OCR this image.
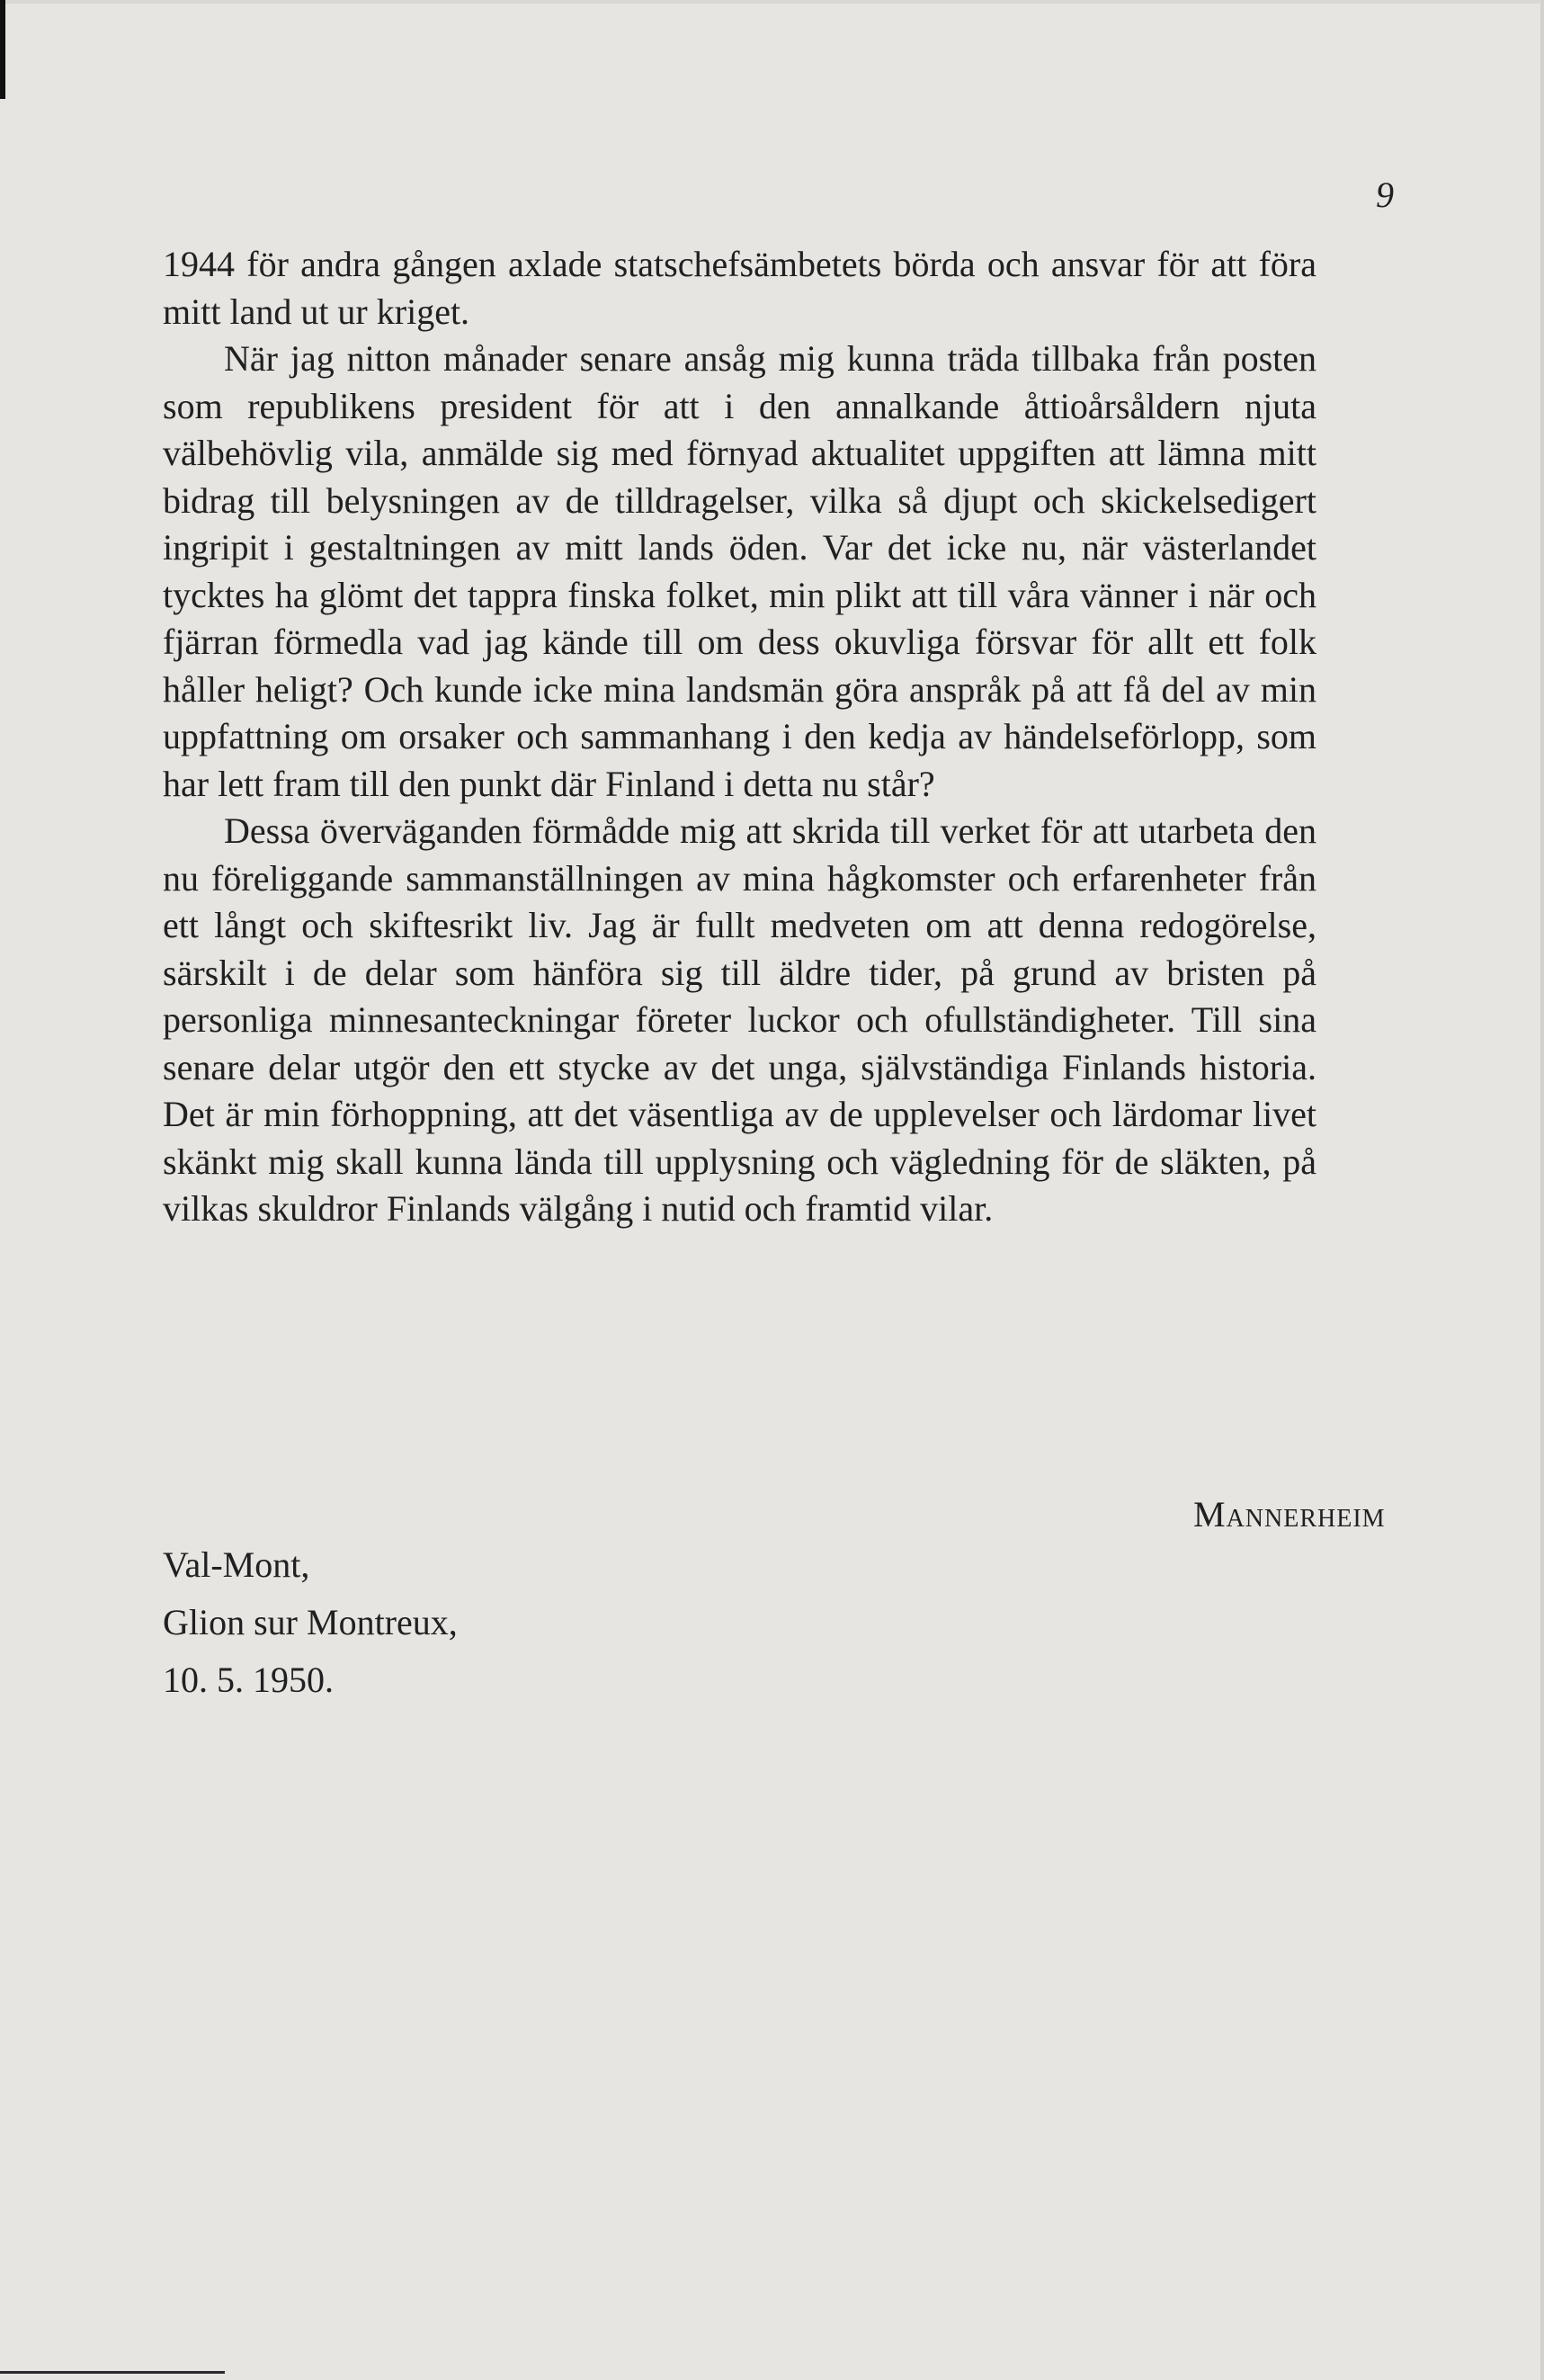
9

1944 för andra gången axlade statschefsämbetets börda och ansvar för att föra mitt land ut ur kriget.

När jag nitton månader senare ansåg mig kunna träda tillbaka från posten som republikens president för att i den annalkande åttioårsåldern njuta välbehövlig vila, anmälde sig med förnyad aktualitet uppgiften att lämna mitt bidrag till belysningen av de tilldragelser, vilka så djupt och skickelsedigert ingripit i gestaltningen av mitt lands öden. Var det icke nu, när västerlandet tycktes ha glömt det tappra finska folket, min plikt att till våra vänner i när och fjärran förmedla vad jag kände till om dess okuvliga försvar för allt ett folk håller heligt? Och kunde icke mina landsmän göra anspråk på att få del av min uppfattning om orsaker och sammanhang i den kedja av händelseförlopp, som har lett fram till den punkt där Finland i detta nu står?

Dessa överväganden förmådde mig att skrida till verket för att utarbeta den nu föreliggande sammanställningen av mina hågkomster och erfarenheter från ett långt och skiftesrikt liv. Jag är fullt medveten om att denna redogörelse, särskilt i de delar som hänföra sig till äldre tider, på grund av bristen på personliga minnesanteckningar företer luckor och ofullständigheter. Till sina senare delar utgör den ett stycke av det unga, självständiga Finlands historia. Det är min förhoppning, att det väsentliga av de upplevelser och lärdomar livet skänkt mig skall kunna lända till upplysning och vägledning för de släkten, på vilkas skuldror Finlands välgång i nutid och framtid vilar.

Mannerheim
Val-Mont,
Glion sur Montreux,
10. 5. 1950.
